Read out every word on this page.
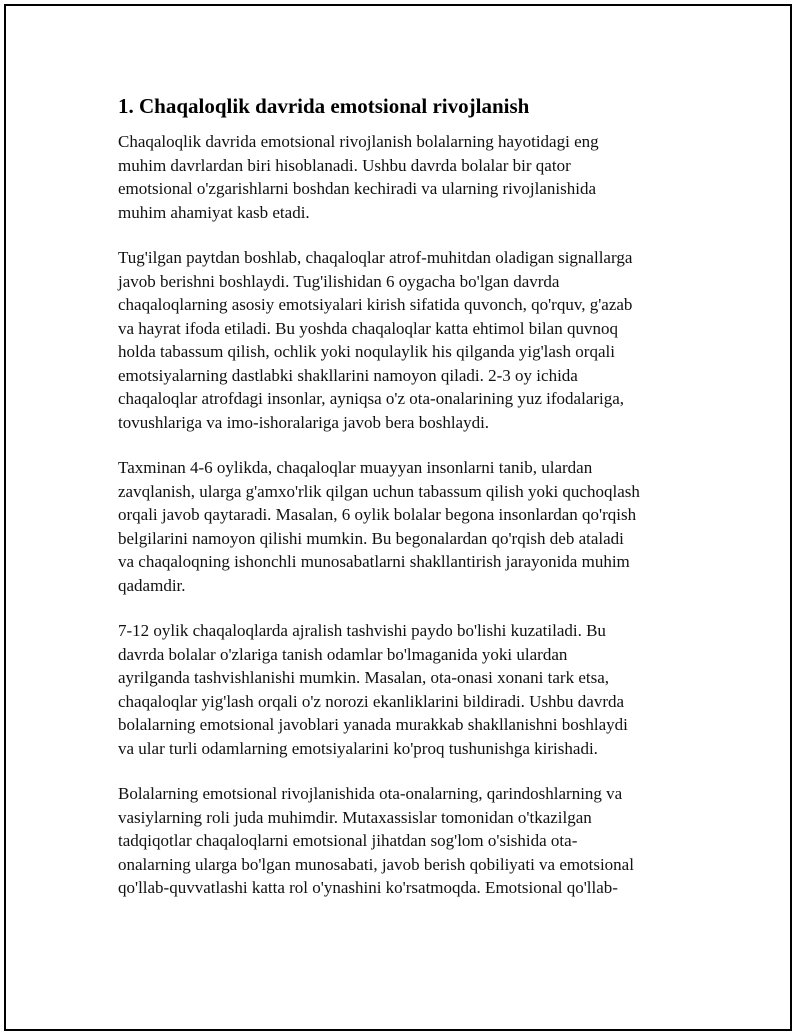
1. Chaqaloqlik davrida emotsional rivojlanish

Chaqaloqlik davrida emotsional rivojlanish bolalarning hayotidagi eng
muhim davrlardan biri hisoblanadi. Ushbu davrda bolalar bir qator
emotsional o'zgarishlarni boshdan kechiradi va ularning rivojlanishida
muhim ahamiyat kasb etadi.

Tug'ilgan paytdan boshlab, chaqaloqlar atrof-muhitdan oladigan signallarga
javob berishni boshlaydi. Tug'ilishidan 6 oygacha bo'lgan davrda
chaqaloqlarning asosiy emotsiyalari kirish sifatida quvonch, qo'rquv, g'azab
va hayrat ifoda etiladi. Bu yoshda chaqaloqlar katta ehtimol bilan quvnoq
holda tabassum qilish, ochlik yoki noqulaylik his qilganda yig'lash orqali
emotsiyalarning dastlabki shakllarini namoyon qiladi. 2-3 oy ichida
chaqaloqlar atrofdagi insonlar, ayniqsa o'z ota-onalarining yuz ifodalariga,
tovushlariga va imo-ishoralariga javob bera boshlaydi.

Taxminan 4-6 oylikda, chaqaloqlar muayyan insonlarni tanib, ulardan
zavqlanish, ularga g'amxo'rlik qilgan uchun tabassum qilish yoki quchoqlash
orqali javob qaytaradi. Masalan, 6 oylik bolalar begona insonlardan qo'rqish
belgilarini namoyon qilishi mumkin. Bu begonalardan qo'rqish deb ataladi
va chaqaloqning ishonchli munosabatlarni shakllantirish jarayonida muhim
qadamdir.

7-12 oylik chaqaloqlarda ajralish tashvishi paydo bo'lishi kuzatiladi. Bu
davrda bolalar o'zlariga tanish odamlar bo'lmaganida yoki ulardan
ayrilganda tashvishlanishi mumkin. Masalan, ota-onasi xonani tark etsa,
chaqaloqlar yig'lash orqali o'z norozi ekanliklarini bildiradi. Ushbu davrda
bolalarning emotsional javoblari yanada murakkab shakllanishni boshlaydi
va ular turli odamlarning emotsiyalarini ko'proq tushunishga kirishadi.

Bolalarning emotsional rivojlanishida ota-onalarning, qarindoshlarning va
vasiylarning roli juda muhimdir. Mutaxassislar tomonidan o'tkazilgan
tadqiqotlar chaqaloqlarni emotsional jihatdan sog'lom o'sishida ota-
onalarning ularga bo'lgan munosabati, javob berish qobiliyati va emotsional
qo'llab-quvvatlashi katta rol o'ynashini ko'rsatmoqda. Emotsional qo'llab-
